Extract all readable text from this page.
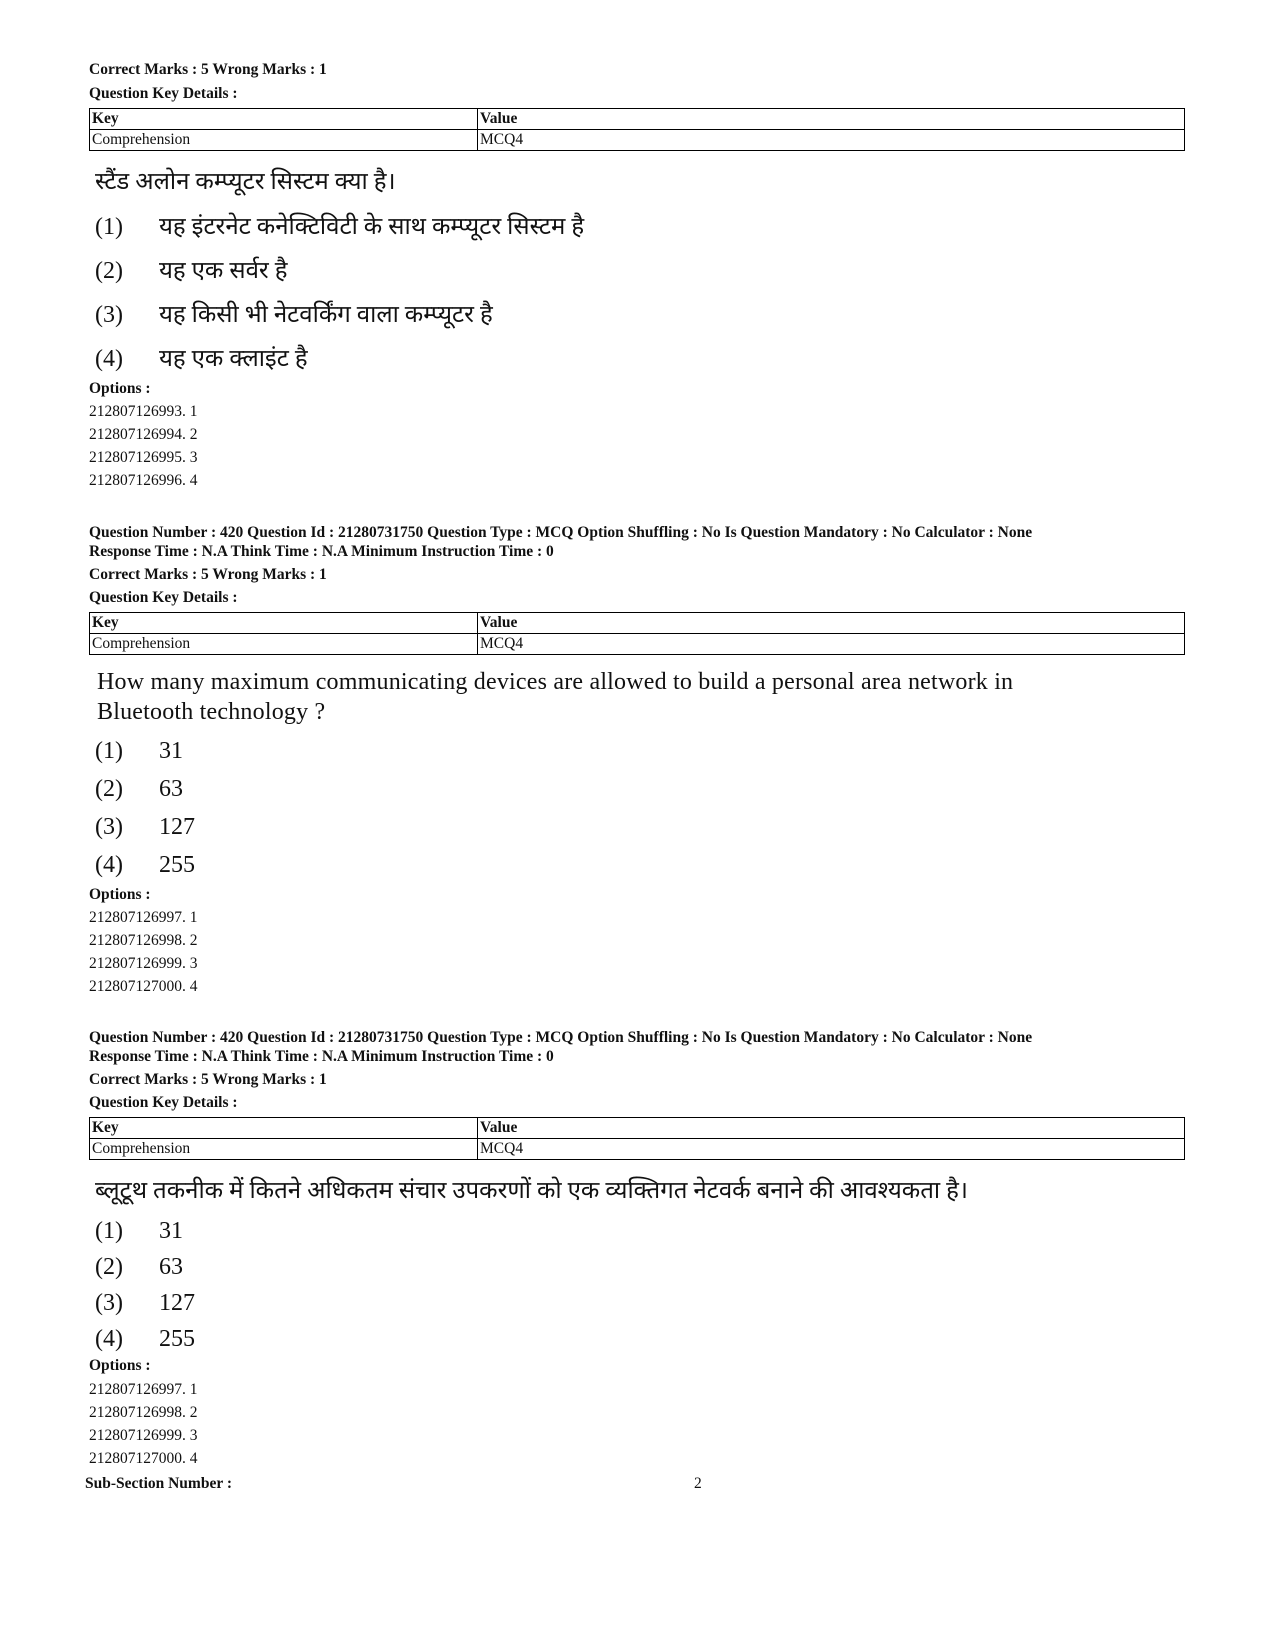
Correct Marks : 5 Wrong Marks : 1
Question Key Details :
Key	Value
Comprehension	MCQ4
स्टैंड अलोन कम्प्यूटर सिस्टम क्या है।
(1) यह इंटरनेट कनेक्टिविटी के साथ कम्प्यूटर सिस्टम है
(2) यह एक सर्वर है
(3) यह किसी भी नेटवर्किंग वाला कम्प्यूटर है
(4) यह एक क्लाइंट है
Options :
212807126993. 1
212807126994. 2
212807126995. 3
212807126996. 4
Question Number : 420 Question Id : 21280731750 Question Type : MCQ Option Shuffling : No Is Question Mandatory : No Calculator : None
Response Time : N.A Think Time : N.A Minimum Instruction Time : 0
Correct Marks : 5 Wrong Marks : 1
Question Key Details :
Key	Value
Comprehension	MCQ4
How many maximum communicating devices are allowed to build a personal area network in
Bluetooth technology ?
(1) 31
(2) 63
(3) 127
(4) 255
Options :
212807126997. 1
212807126998. 2
212807126999. 3
212807127000. 4
Question Number : 420 Question Id : 21280731750 Question Type : MCQ Option Shuffling : No Is Question Mandatory : No Calculator : None
Response Time : N.A Think Time : N.A Minimum Instruction Time : 0
Correct Marks : 5 Wrong Marks : 1
Question Key Details :
Key	Value
Comprehension	MCQ4
ब्लूटूथ तकनीक में कितने अधिकतम संचार उपकरणों को एक व्यक्तिगत नेटवर्क बनाने की आवश्यकता है।
(1) 31
(2) 63
(3) 127
(4) 255
Options :
212807126997. 1
212807126998. 2
212807126999. 3
212807127000. 4
Sub-Section Number :	2
